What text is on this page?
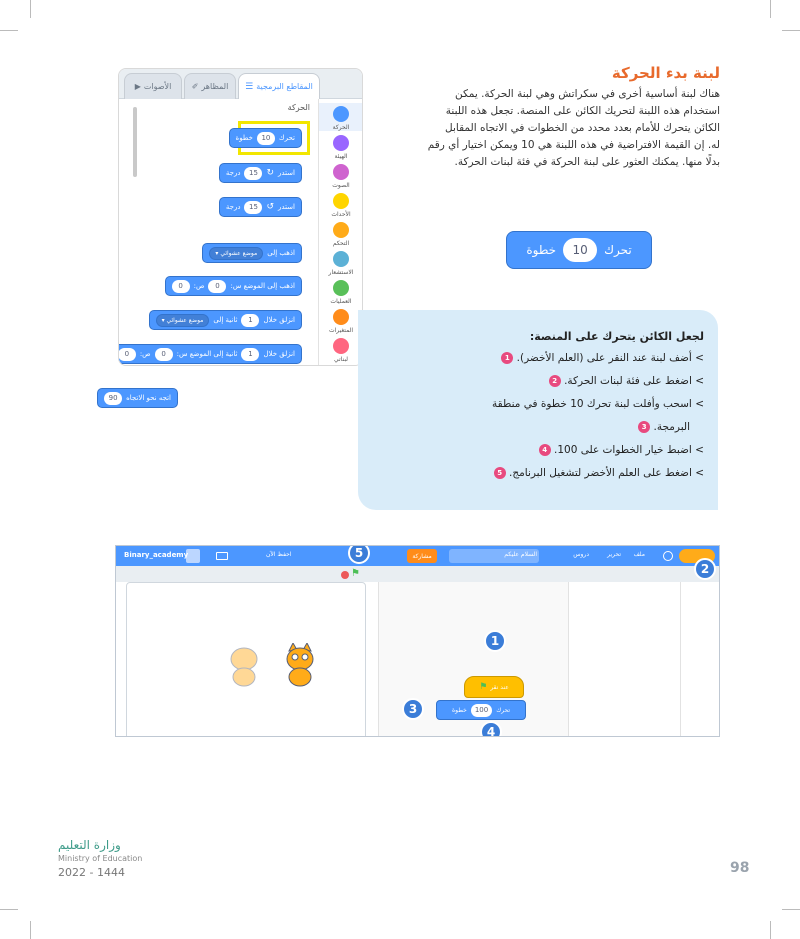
☰ المقاطع البرمجية
✐ المظاهر
▶ الأصوات
الحركة
الهيئة
الصوت
الأحداث
التحكم
الاستشعار
العمليات
المتغيرات
لبناتي
الحركة
تحرك
10
خطوة
استدر
↻
15
درجة
استدر
↺
15
درجة
اذهب إلى
موضع عشوائي
▾
اذهب إلى الموضع س:
0
ص:
0
انزلق خلال
1
ثانية إلى
موضع عشوائي
▾
انزلق خلال
1
ثانية إلى الموضع س:
0
ص:
0
اتجه نحو الاتجاه
90
لبنة بدء الحركة
هناك لبنة أساسية أخرى في سكراتش وهي لبنة الحركة. يمكن
استخدام هذه اللبنة لتحريك الكائن على المنصة. تجعل هذه اللبنة
الكائن يتحرك للأمام بعدد محدد من الخطوات في الاتجاه المقابل
له. إن القيمة الافتراضية في هذه اللبنة هي 10 ويمكن اختيار أي رقم
بدلًا منها. يمكنك العثور على لبنة الحركة في فئة لبنات الحركة.
تحرك
10
خطوة
لجعل الكائن يتحرك على المنصة:
> أضف لبنة عند النقر على (العلم الأخضر). 1
> اضغط على فئة لبنات الحركة. 2
> اسحب وأفلت لبنة تحرك 10 خطوة في منطقة
البرمجة. 3
> اضبط خيار الخطوات على 100. 4
> اضغط على العلم الأخضر لتشغيل البرنامج. 5
ملف
تحرير
دروس
السلام عليكم
مشاركة
احفظ الآن
Binary_academy
⚑
عند نقر
⚑
تحرك
100
خطوة
1
2
3
4
5
وزارة التعليم
Ministry of Education
2022 - 1444	98
